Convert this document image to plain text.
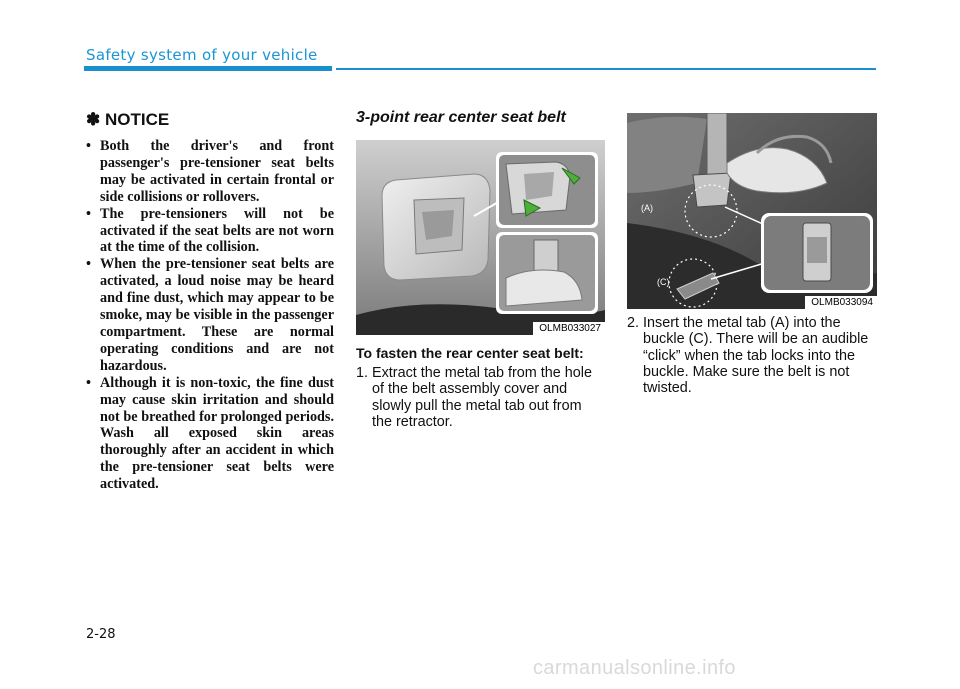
Safety system of your vehicle
✽ NOTICE
• Both the driver's and front passenger's pre-tensioner seat belts may be activated in certain frontal or side collisions or rollovers.
• The pre-tensioners will not be activated if the seat belts are not worn at the time of the collision.
• When the pre-tensioner seat belts are activated, a loud noise may be heard and fine dust, which may appear to be smoke, may be visible in the passenger compartment. These are normal operating conditions and are not hazardous.
• Although it is non-toxic, the fine dust may cause skin irritation and should not be breathed for prolonged periods. Wash all exposed skin areas thoroughly after an accident in which the pre-tensioner seat belts were activated.
3-point rear center seat belt
OLMB033027
To fasten the rear center seat belt:
1. Extract the metal tab from the hole of the belt assembly cover and slowly pull the metal tab out from the retractor.
(A)
(C)
OLMB033094
2. Insert the metal tab (A) into the buckle (C). There will be an audible “click” when the tab locks into the buckle. Make sure the belt is not twisted.
2-28
carmanualsonline.info
